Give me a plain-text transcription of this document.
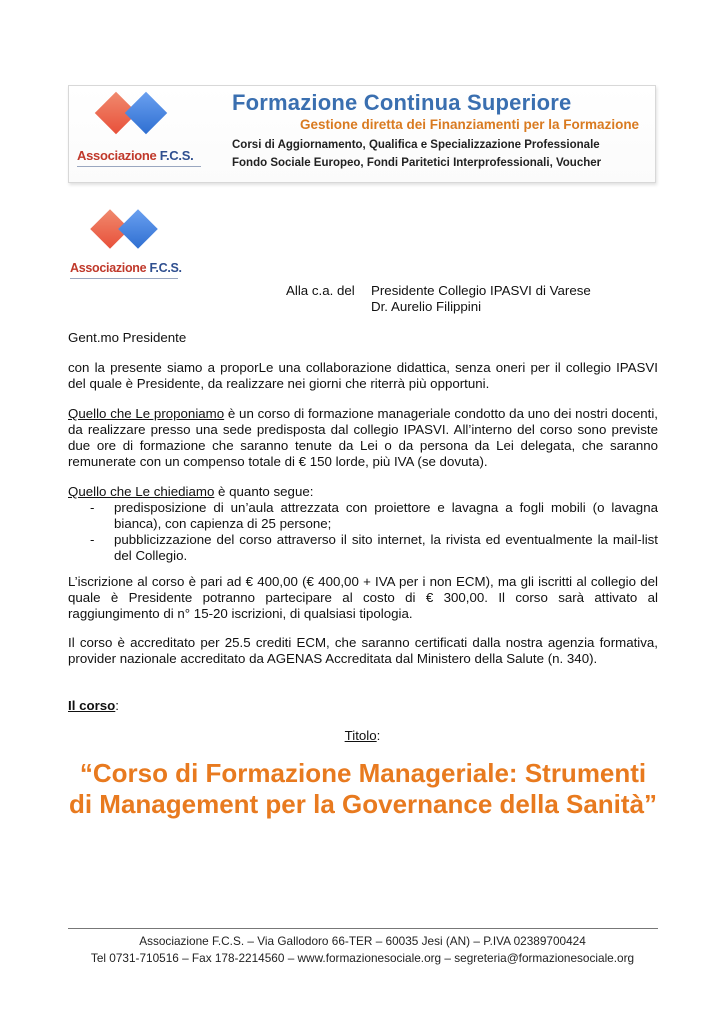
Associazione F.C.S.
Formazione Continua Superiore
Gestione diretta dei Finanziamenti per la Formazione
Corsi di Aggiornamento, Qualifica e Specializzazione Professionale
Fondo Sociale Europeo, Fondi Paritetici Interprofessionali, Voucher
Associazione F.C.S.
Alla c.a. del Presidente Collegio IPASVI di Varese
Dr. Aurelio Filippini
Gent.mo Presidente
con la presente siamo a proporLe una collaborazione didattica, senza oneri per il collegio IPASVI del quale è Presidente, da realizzare nei giorni che riterrà più opportuni.
Quello che Le proponiamo è un corso di formazione manageriale condotto da uno dei nostri docenti, da realizzare presso una sede predisposta dal collegio IPASVI. All’interno del corso sono previste due ore di formazione che saranno tenute da Lei o da persona da Lei delegata, che saranno remunerate con un compenso totale di € 150 lorde, più IVA (se dovuta).
Quello che Le chiediamo è quanto segue:
- predisposizione di un’aula attrezzata con proiettore e lavagna a fogli mobili (o lavagna bianca), con capienza di 25 persone;
- pubblicizzazione del corso attraverso il sito internet, la rivista ed eventualmente la mail-list del Collegio.
L’iscrizione al corso è pari ad € 400,00 (€ 400,00 + IVA per i non ECM), ma gli iscritti al collegio del quale è Presidente potranno partecipare al costo di € 300,00. Il corso sarà attivato al raggiungimento di n° 15-20 iscrizioni, di qualsiasi tipologia.
Il corso è accreditato per 25.5 crediti ECM, che saranno certificati dalla nostra agenzia formativa, provider nazionale accreditato da AGENAS Accreditata dal Ministero della Salute (n. 340).
Il corso:
Titolo:
“Corso di Formazione Manageriale: Strumenti di Management per la Governance della Sanità”
Associazione F.C.S. – Via Gallodoro 66-TER – 60035 Jesi (AN) – P.IVA 02389700424
Tel 0731-710516 – Fax 178-2214560 – www.formazionesociale.org – segreteria@formazionesociale.org
